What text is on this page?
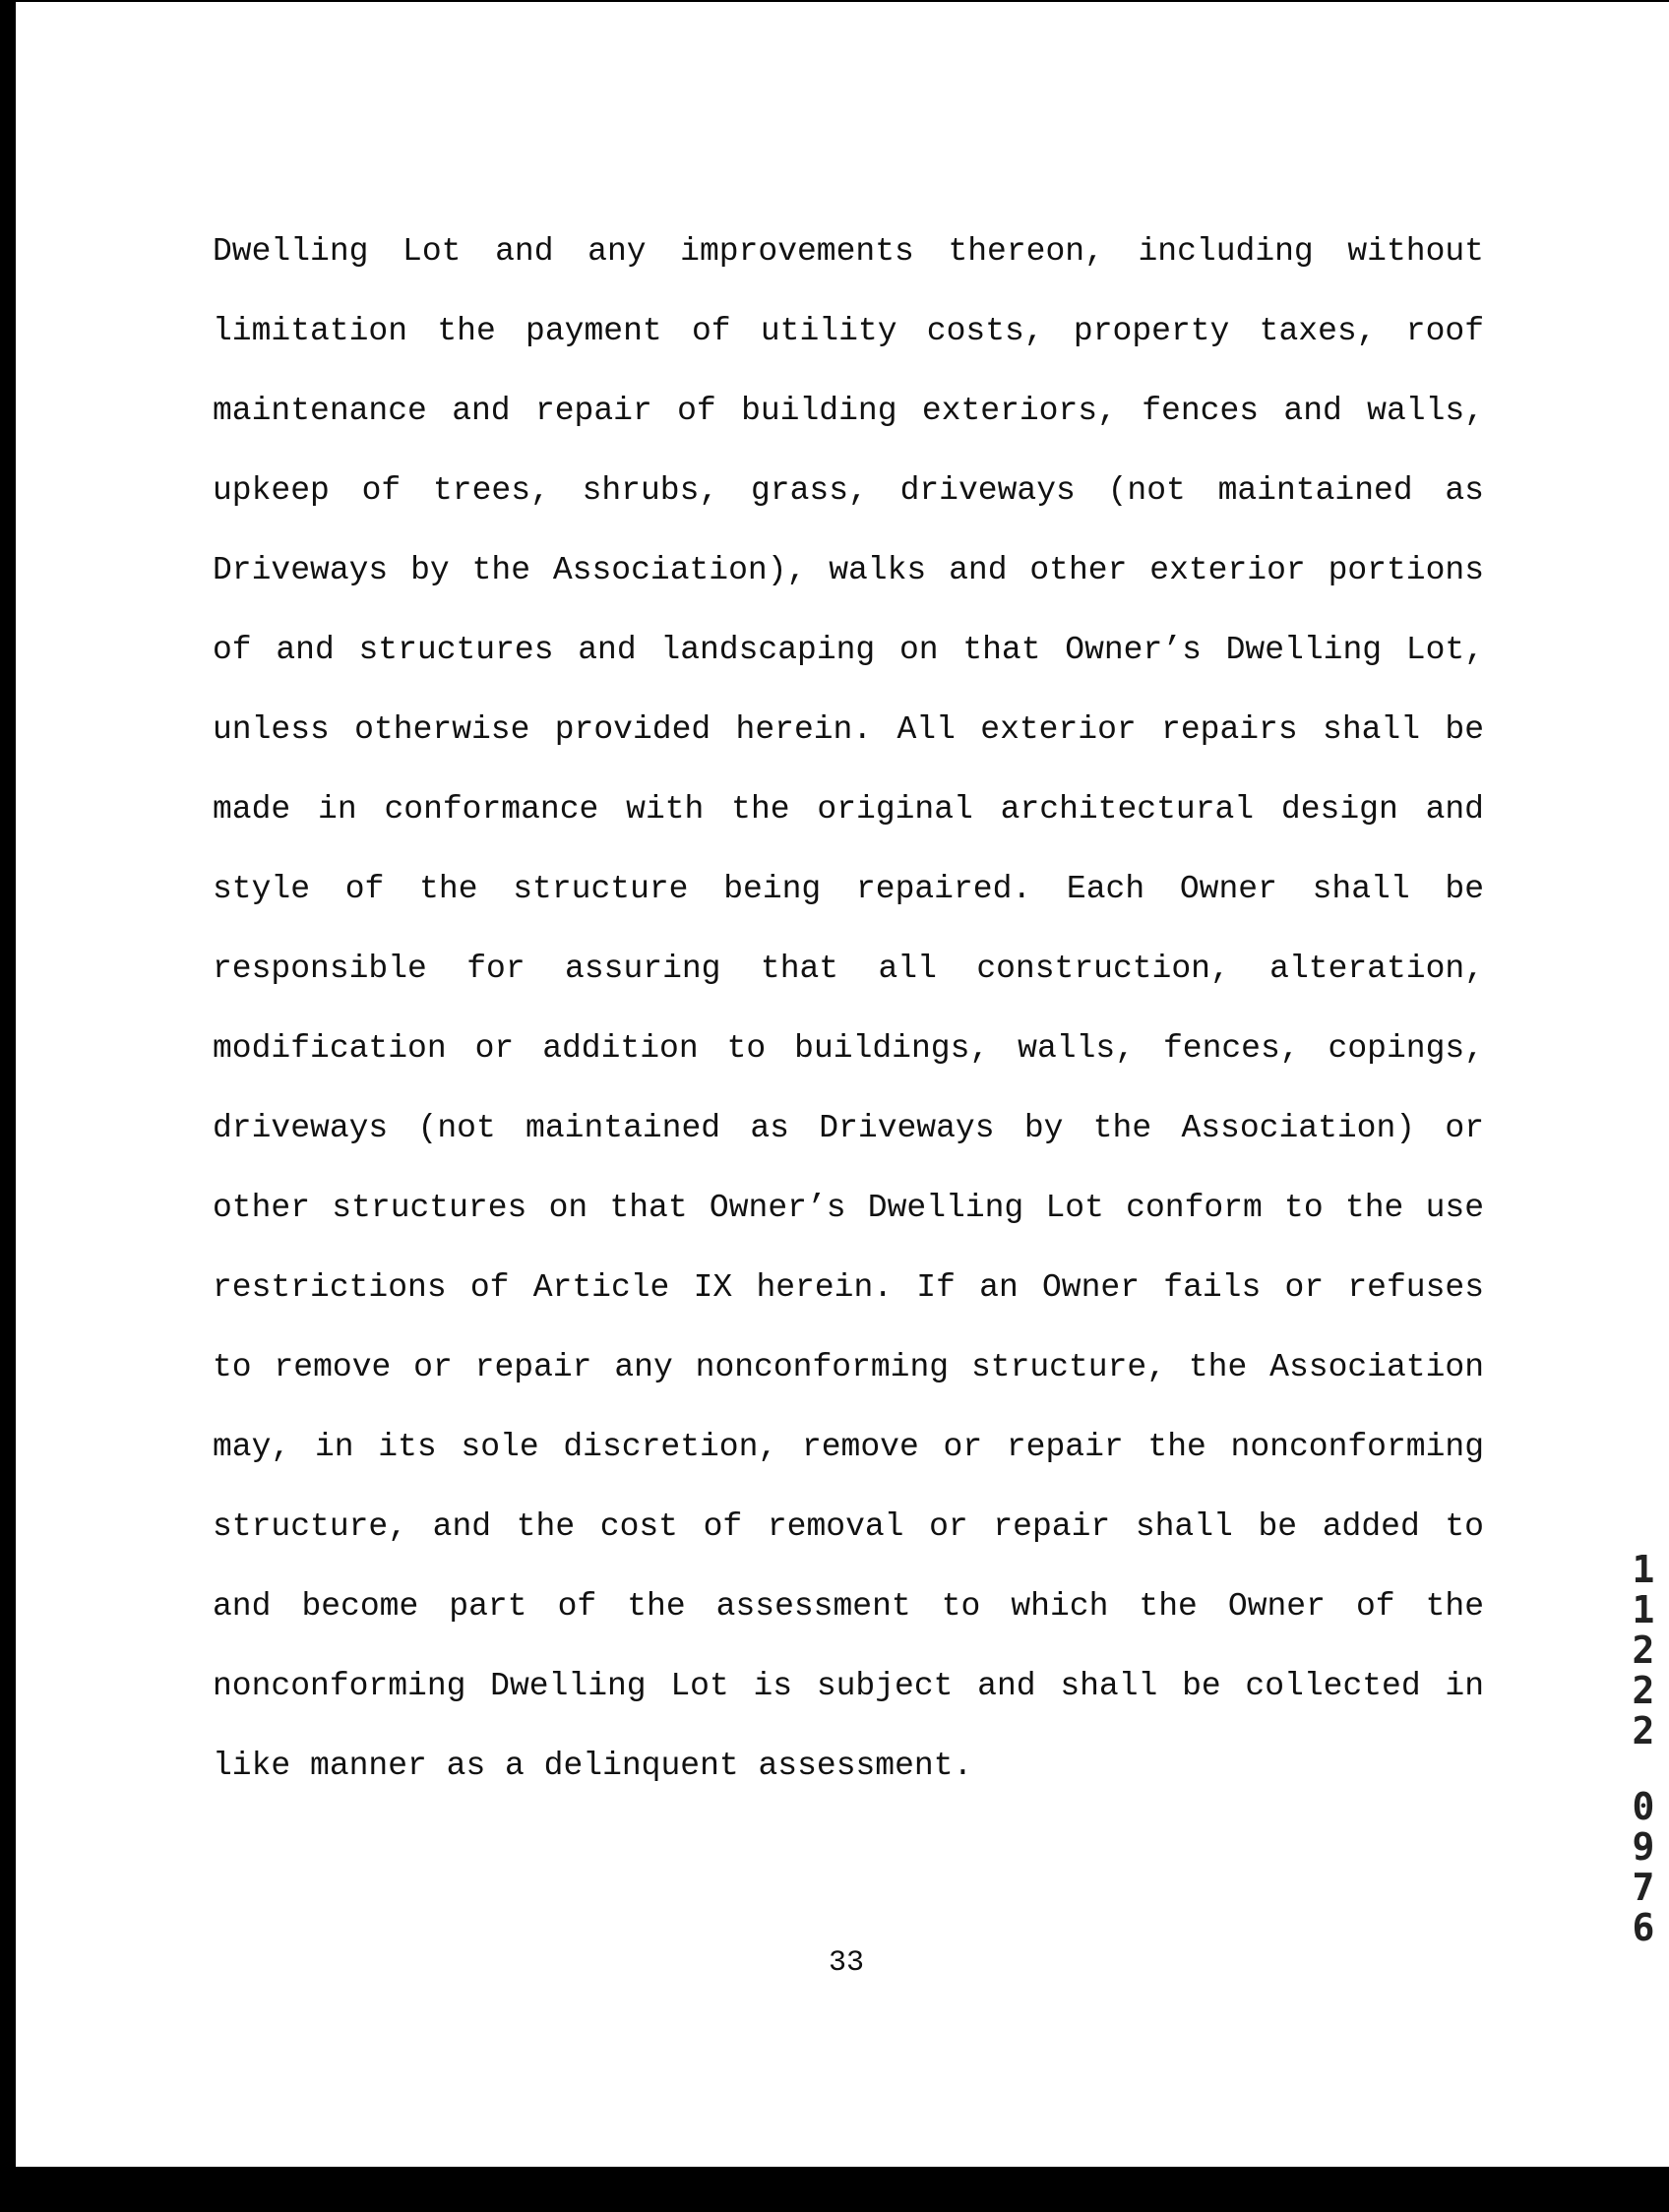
Dwelling Lot and any improvements thereon, including without
limitation the payment of utility costs, property taxes, roof
maintenance and repair of building exteriors, fences and walls,
upkeep of trees, shrubs, grass, driveways (not maintained as
Driveways by the Association), walks and other exterior portions
of and structures and landscaping on that Owner’s Dwelling Lot,
unless otherwise provided herein. All exterior repairs shall be
made in conformance with the original architectural design and
style of the structure being repaired. Each Owner shall be
responsible for assuring that all construction, alteration,
modification or addition to buildings, walls, fences, copings,
driveways (not maintained as Driveways by the Association) or
other structures on that Owner’s Dwelling Lot conform to the use
restrictions of Article IX herein. If an Owner fails or refuses
to remove or repair any nonconforming structure, the Association
may, in its sole discretion, remove or repair the nonconforming
structure, and the cost of removal or repair shall be added to
and become part of the assessment to which the Owner of the
nonconforming Dwelling Lot is subject and shall be collected in
like manner as a delinquent assessment.
33
1
1
2
2
2
0
9
7
6
